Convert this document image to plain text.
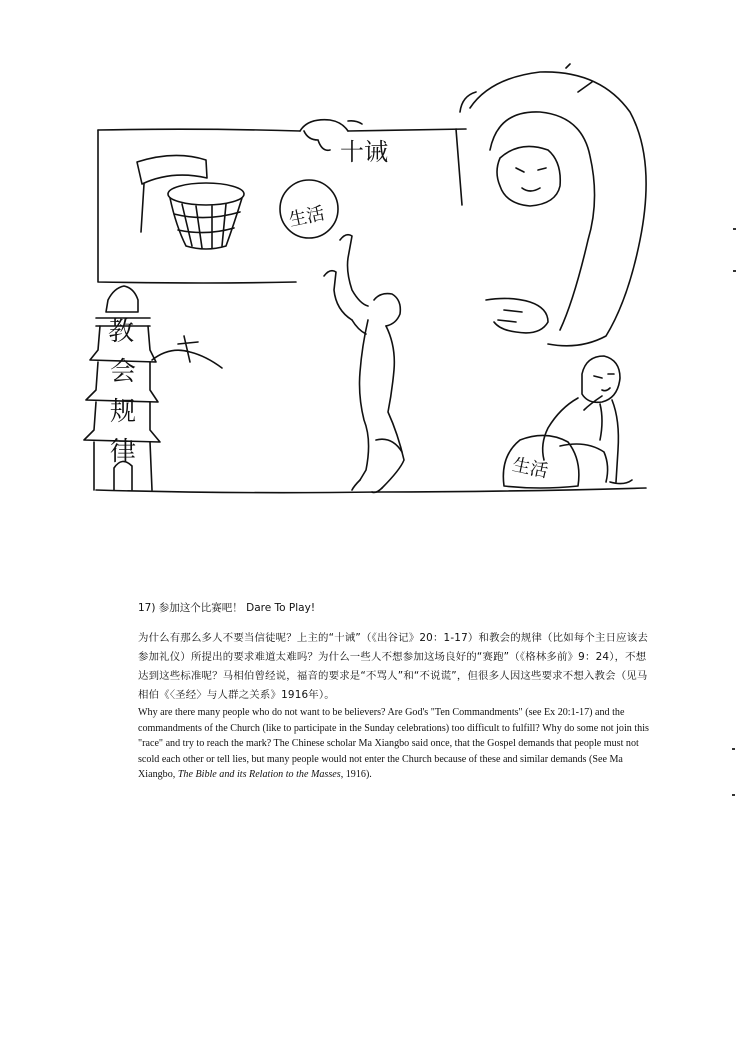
十诫
生活
教
会
规
律
生活

17) 参加这个比赛吧！ Dare To Play!

为什么有那么多人不要当信徒呢？上主的“十诫”（《出谷记》20：1-17）和教会的规律（比如每个主日应该去参加礼仪）所提出的要求难道太难吗？为什么一些人不想参加这场良好的“赛跑”（《格林多前》9：24），不想达到这些标准呢？马相伯曾经说，福音的要求是“不骂人”和“不说谎”，但很多人因这些要求不想入教会（见马相伯《〈圣经〉与人群之关系》1916年）。

Why are there many people who do not want to be believers? Are God's "Ten Commandments" (see Ex 20:1-17) and the commandments of the Church (like to participate in the Sunday celebrations) too difficult to fulfill? Why do some not join this "race" and try to reach the mark? The Chinese scholar Ma Xiangbo said once, that the Gospel demands that people must not scold each other or tell lies, but many people would not enter the Church because of these and similar demands (See Ma Xiangbo, The Bible and its Relation to the Masses, 1916).
